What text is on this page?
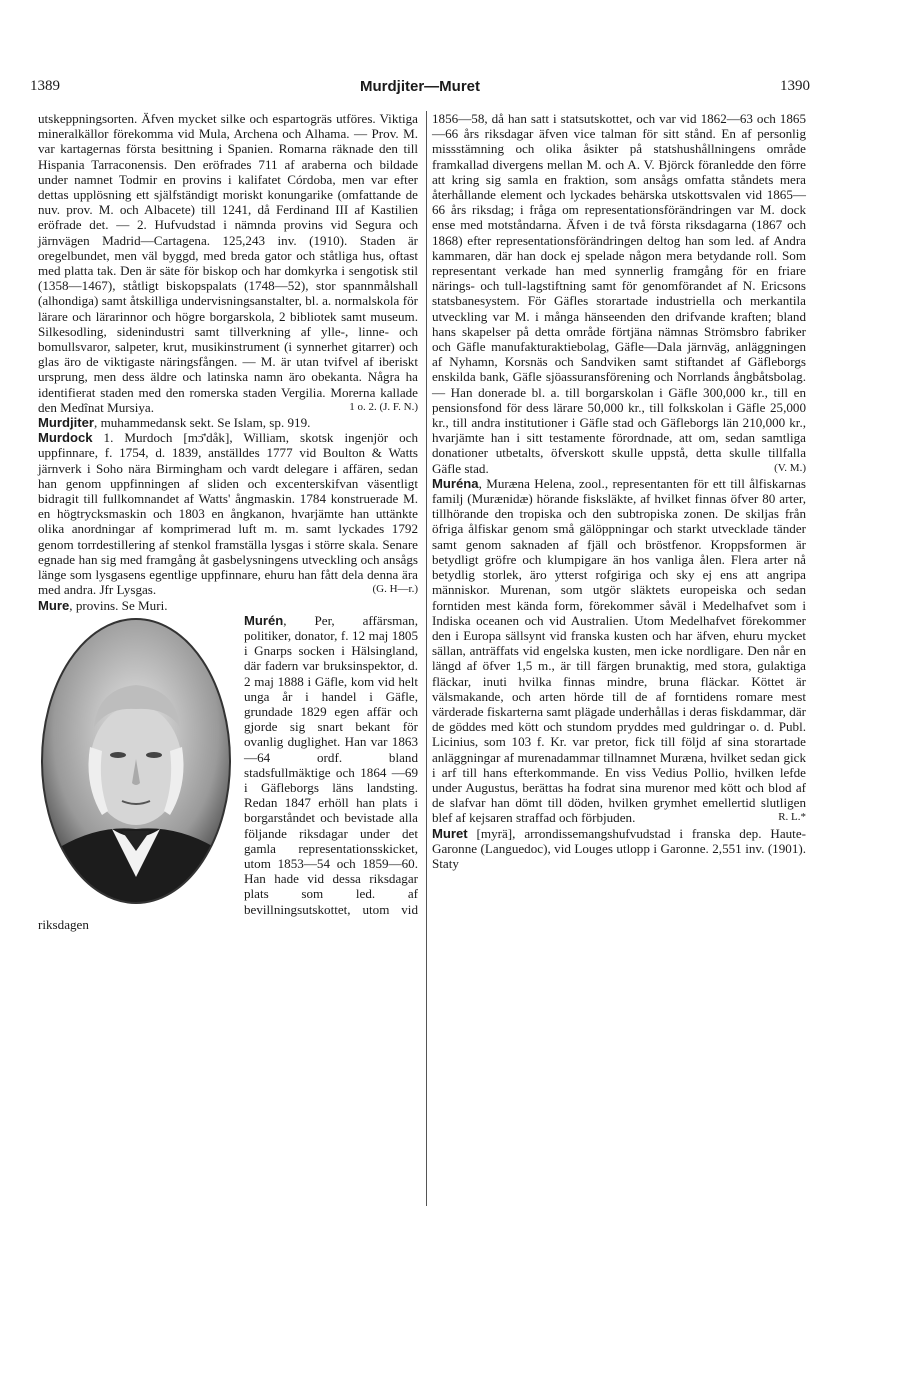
1389	Murdjiter—Muret	1390

utskeppningsorten. Äfven mycket silke och espartogräs utföres. Viktiga mineralkällor förekomma vid Mula, Archena och Alhama. — Prov. M. var kartagernas första besittning i Spanien. Romarna räknade den till Hispania Tarraconensis. Den eröfrades 711 af araberna och bildade under namnet Todmir en provins i kalifatet Córdoba, men var efter dettas upplösning ett själfständigt moriskt konungarike (omfattande de nuv. prov. M. och Albacete) till 1241, då Ferdinand III af Kastilien eröfrade det. — 2. Hufvudstad i nämnda provins vid Segura och järnvägen Madrid—Cartagena. 125,243 inv. (1910). Staden är oregelbundet, men väl byggd, med breda gator och ståtliga hus, oftast med platta tak. Den är säte för biskop och har domkyrka i sengotisk stil (1358—1467), ståtligt biskopspalats (1748—52), stor spannmålshall (alhondiga) samt åtskilliga undervisningsanstalter, bl. a. normalskola för lärare och lärarinnor och högre borgarskola, 2 bibliotek samt museum. Silkesodling, sidenindustri samt tillverkning af ylle-, linne- och bomullsvaror, salpeter, krut, musikinstrument (i synnerhet gitarrer) och glas äro de viktigaste näringsfången. — M. är utan tvifvel af iberiskt ursprung, men dess äldre och latinska namn äro obekanta. Några ha identifierat staden med den romerska staden Vergilia. Morerna kallade den Medînat Mursiya.	1 o. 2. (J. F. N.)

Murdjiter, muhammedansk sekt. Se Islam, sp. 919.

Murdock 1. Murdoch [mɔ̄'dåk], William, skotsk ingenjör och uppfinnare, f. 1754, d. 1839, anställdes 1777 vid Boulton & Watts järnverk i Soho nära Birmingham och vardt delegare i affären, sedan han genom uppfinningen af sliden och excenterskifvan väsentligt bidragit till fullkomnandet af Watts' ångmaskin. 1784 konstruerade M. en högtrycksmaskin och 1803 en ångkanon, hvarjämte han uttänkte olika anordningar af komprimerad luft m. m. samt lyckades 1792 genom torrdestillering af stenkol framställa lysgas i större skala. Senare egnade han sig med framgång åt gasbelysningens utveckling och ansågs länge som lysgasens egentlige uppfinnare, ehuru han fått dela denna ära med andra. Jfr Lysgas.	(G. H—r.)

Mure, provins. Se Muri.

Murén, Per, affärsman, politiker, donator, f. 12 maj 1805 i Gnarps socken i Hälsingland, där fadern var bruksinspektor, d. 2 maj 1888 i Gäfle, kom vid helt unga år i handel i Gäfle, grundade 1829 egen affär och gjorde sig snart bekant för ovanlig duglighet. Han var 1863 —64 ordf. bland stadsfullmäktige och 1864 —69 i Gäfleborgs läns landsting. Redan 1847 erhöll han plats i borgarståndet och bevistade alla följande riksdagar under det gamla representationsskicket, utom 1853—54 och 1859—60. Han hade vid dessa riksdagar plats som led. af bevillningsutskottet, utom vid riksdagen

1856—58, då han satt i statsutskottet, och var vid 1862—63 och 1865—66 års riksdagar äfven vice talman för sitt stånd. En af personlig missstämning och olika åsikter på statshushållningens område framkallad divergens mellan M. och A. V. Björck föranledde den förre att kring sig samla en fraktion, som ansågs omfatta ståndets mera återhållande element och lyckades behärska utskottsvalen vid 1865—66 års riksdag; i fråga om representationsförändringen var M. dock ense med motståndarna. Äfven i de två första riksdagarna (1867 och 1868) efter representationsförändringen deltog han som led. af Andra kammaren, där han dock ej spelade någon mera betydande roll. Som representant verkade han med synnerlig framgång för en friare närings- och tull-lagstiftning samt för genomförandet af N. Ericsons statsbanesystem. För Gäfles storartade industriella och merkantila utveckling var M. i många hänseenden den drifvande kraften; bland hans skapelser på detta område förtjäna nämnas Strömsbro fabriker och Gäfle manufakturaktiebolag, Gäfle—Dala järnväg, anläggningen af Nyhamn, Korsnäs och Sandviken samt stiftandet af Gäfleborgs enskilda bank, Gäfle sjöassuransförening och Norrlands ångbåtsbolag. — Han donerade bl. a. till borgarskolan i Gäfle 300,000 kr., till en pensionsfond för dess lärare 50,000 kr., till folkskolan i Gäfle 25,000 kr., till andra institutioner i Gäfle stad och Gäfleborgs län 210,000 kr., hvarjämte han i sitt testamente förordnade, att om, sedan samtliga donationer utbetalts, öfverskott skulle uppstå, detta skulle tillfalla Gäfle stad.	(V. M.)

Muréna, Muræna Helena, zool., representanten för ett till ålfiskarnas familj (Murænidæ) hörande fisksläkte, af hvilket finnas öfver 80 arter, tillhörande den tropiska och den subtropiska zonen. De skiljas från öfriga ålfiskar genom små gälöppningar och starkt utvecklade tänder samt genom saknaden af fjäll och bröstfenor. Kroppsformen är betydligt gröfre och klumpigare än hos vanliga ålen. Flera arter nå betydlig storlek, äro ytterst rofgiriga och sky ej ens att angripa människor. Murenan, som utgör släktets europeiska och sedan forntiden mest kända form, förekommer såväl i Medelhafvet som i Indiska oceanen och vid Australien. Utom Medelhafvet förekommer den i Europa sällsynt vid franska kusten och har äfven, ehuru mycket sällan, anträffats vid engelska kusten, men icke nordligare. Den når en längd af öfver 1,5 m., är till färgen brunaktig, med stora, gulaktiga fläckar, inuti hvilka finnas mindre, bruna fläckar. Köttet är välsmakande, och arten hörde till de af forntidens romare mest värderade fiskarterna samt plägade underhållas i deras fiskdammar, där de göddes med kött och stundom pryddes med guldringar o. d. Publ. Licinius, som 103 f. Kr. var pretor, fick till följd af sina storartade anläggningar af murenadammar tillnamnet Muræna, hvilket sedan gick i arf till hans efterkommande. En viss Vedius Pollio, hvilken lefde under Augustus, berättas ha fodrat sina murenor med kött och blod af de slafvar han dömt till döden, hvilken grymhet emellertid slutligen blef af kejsaren straffad och förbjuden.	R. L.*

Muret [myrä], arrondissemangshufvudstad i franska dep. Haute-Garonne (Languedoc), vid Louges utlopp i Garonne. 2,551 inv. (1901). Staty
